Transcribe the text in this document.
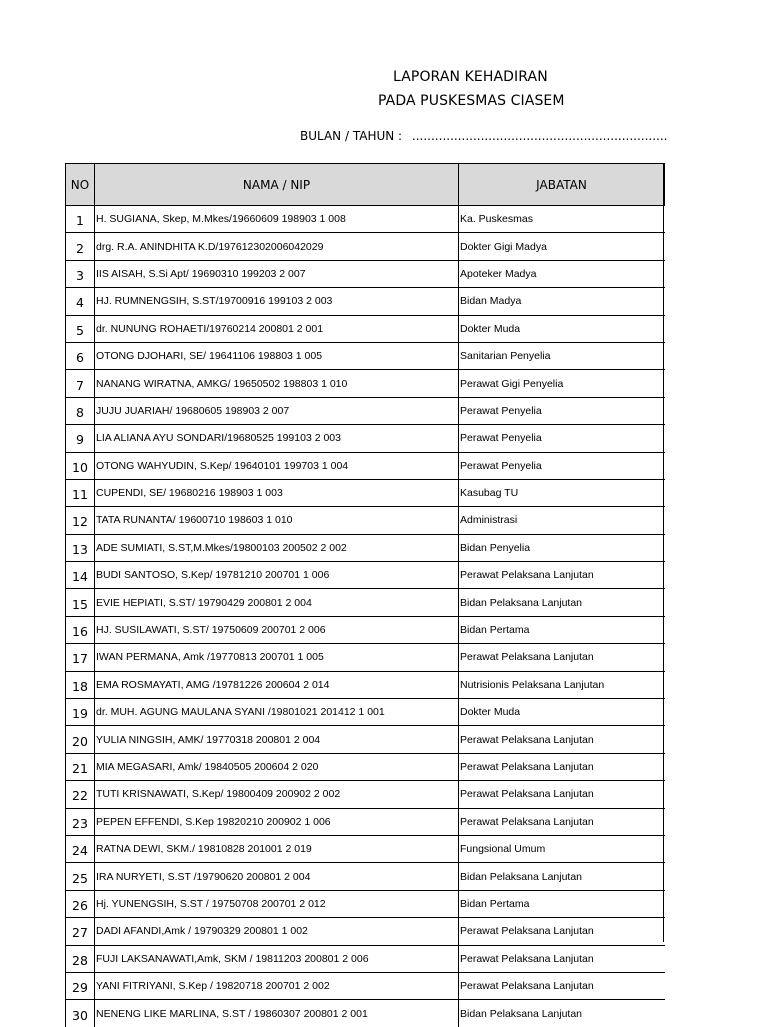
LAPORAN KEHADIRAN
PADA PUSKESMAS CIASEM
BULAN / TAHUN : ...................................................................
NO	NAMA / NIP	JABATAN
1	H. SUGIANA, Skep, M.Mkes/19660609 198903 1 008	Ka. Puskesmas
2	drg. R.A. ANINDHITA K.D/197612302006042029	Dokter Gigi Madya
3	IIS AISAH, S.Si Apt/ 19690310 199203 2 007	Apoteker Madya
4	HJ. RUMNENGSIH, S.ST/19700916 199103 2 003	Bidan Madya
5	dr. NUNUNG ROHAETI/19760214 200801 2 001	Dokter Muda
6	OTONG DJOHARI, SE/ 19641106 198803 1 005	Sanitarian Penyelia
7	NANANG WIRATNA, AMKG/ 19650502 198803 1 010	Perawat Gigi Penyelia
8	JUJU JUARIAH/ 19680605 198903 2 007	Perawat Penyelia
9	LIA ALIANA AYU SONDARI/19680525 199103 2 003	Perawat Penyelia
10	OTONG WAHYUDIN, S.Kep/ 19640101 199703 1 004	Perawat Penyelia
11	CUPENDI, SE/ 19680216 198903 1 003	Kasubag TU
12	TATA RUNANTA/ 19600710 198603 1 010	Administrasi
13	ADE SUMIATI, S.ST,M.Mkes/19800103 200502 2 002	Bidan Penyelia
14	BUDI SANTOSO, S.Kep/ 19781210 200701 1 006	Perawat Pelaksana Lanjutan
15	EVIE HEPIATI, S.ST/ 19790429 200801 2 004	Bidan Pelaksana Lanjutan
16	HJ. SUSILAWATI, S.ST/ 19750609 200701 2 006	Bidan Pertama
17	IWAN PERMANA, Amk /19770813 200701 1 005	Perawat Pelaksana Lanjutan
18	EMA ROSMAYATI, AMG /19781226 200604 2 014	Nutrisionis Pelaksana Lanjutan
19	dr. MUH. AGUNG MAULANA SYANI /19801021 201412 1 001	Dokter Muda
20	YULIA NINGSIH, AMK/ 19770318 200801 2 004	Perawat Pelaksana Lanjutan
21	MIA MEGASARI, Amk/ 19840505 200604 2 020	Perawat Pelaksana Lanjutan
22	TUTI KRISNAWATI, S.Kep/ 19800409 200902 2 002	Perawat Pelaksana Lanjutan
23	PEPEN EFFENDI, S.Kep 19820210 200902 1 006	Perawat Pelaksana Lanjutan
24	RATNA DEWI, SKM./ 19810828 201001 2 019	Fungsional Umum
25	IRA NURYETI, S.ST /19790620 200801 2 004	Bidan Pelaksana Lanjutan
26	Hj. YUNENGSIH, S.ST / 19750708 200701 2 012	Bidan Pertama
27	DADI AFANDI,Amk / 19790329 200801 1 002	Perawat Pelaksana Lanjutan
28	FUJI LAKSANAWATI,Amk, SKM / 19811203 200801 2 006	Perawat Pelaksana Lanjutan
29	YANI FITRIYANI, S.Kep / 19820718 200701 2 002	Perawat Pelaksana Lanjutan
30	NENENG LIKE MARLINA, S.ST / 19860307 200801 2 001	Bidan Pelaksana Lanjutan
